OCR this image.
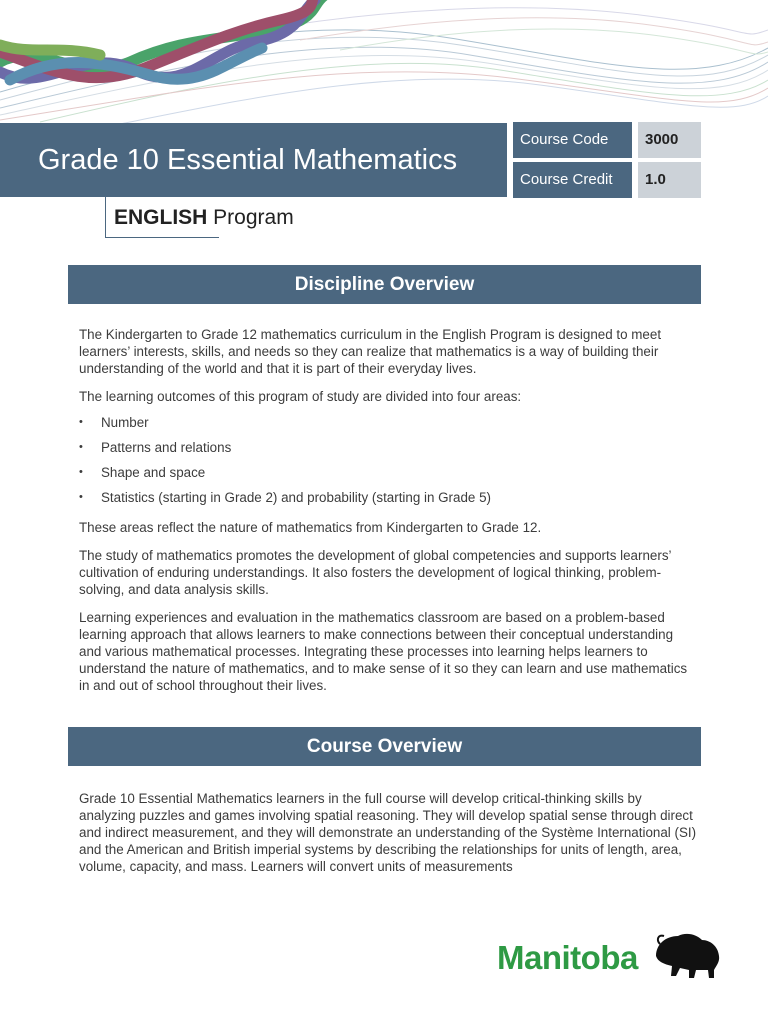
Grade 10 Essential Mathematics
Course Code	3000
Course Credit	1.0
ENGLISH Program
Discipline Overview

The Kindergarten to Grade 12 mathematics curriculum in the English Program is designed to meet learners’ interests, skills, and needs so they can realize that mathematics is a way of building their understanding of the world and that it is part of their everyday lives.

The learning outcomes of this program of study are divided into four areas:

• Number
• Patterns and relations
• Shape and space
• Statistics (starting in Grade 2) and probability (starting in Grade 5)

These areas reflect the nature of mathematics from Kindergarten to Grade 12.

The study of mathematics promotes the development of global competencies and supports learners’ cultivation of enduring understandings. It also fosters the development of logical thinking, problem-solving, and data analysis skills.

Learning experiences and evaluation in the mathematics classroom are based on a problem-based learning approach that allows learners to make connections between their conceptual understanding and various mathematical processes. Integrating these processes into learning helps learners to understand the nature of mathematics, and to make sense of it so they can learn and use mathematics in and out of school throughout their lives.

Course Overview

Grade 10 Essential Mathematics learners in the full course will develop critical-thinking skills by analyzing puzzles and games involving spatial reasoning. They will develop spatial sense through direct and indirect measurement, and they will demonstrate an understanding of the Système International (SI) and the American and British imperial systems by describing the relationships for units of length, area, volume, capacity, and mass. Learners will convert units of measurements

Manitoba
